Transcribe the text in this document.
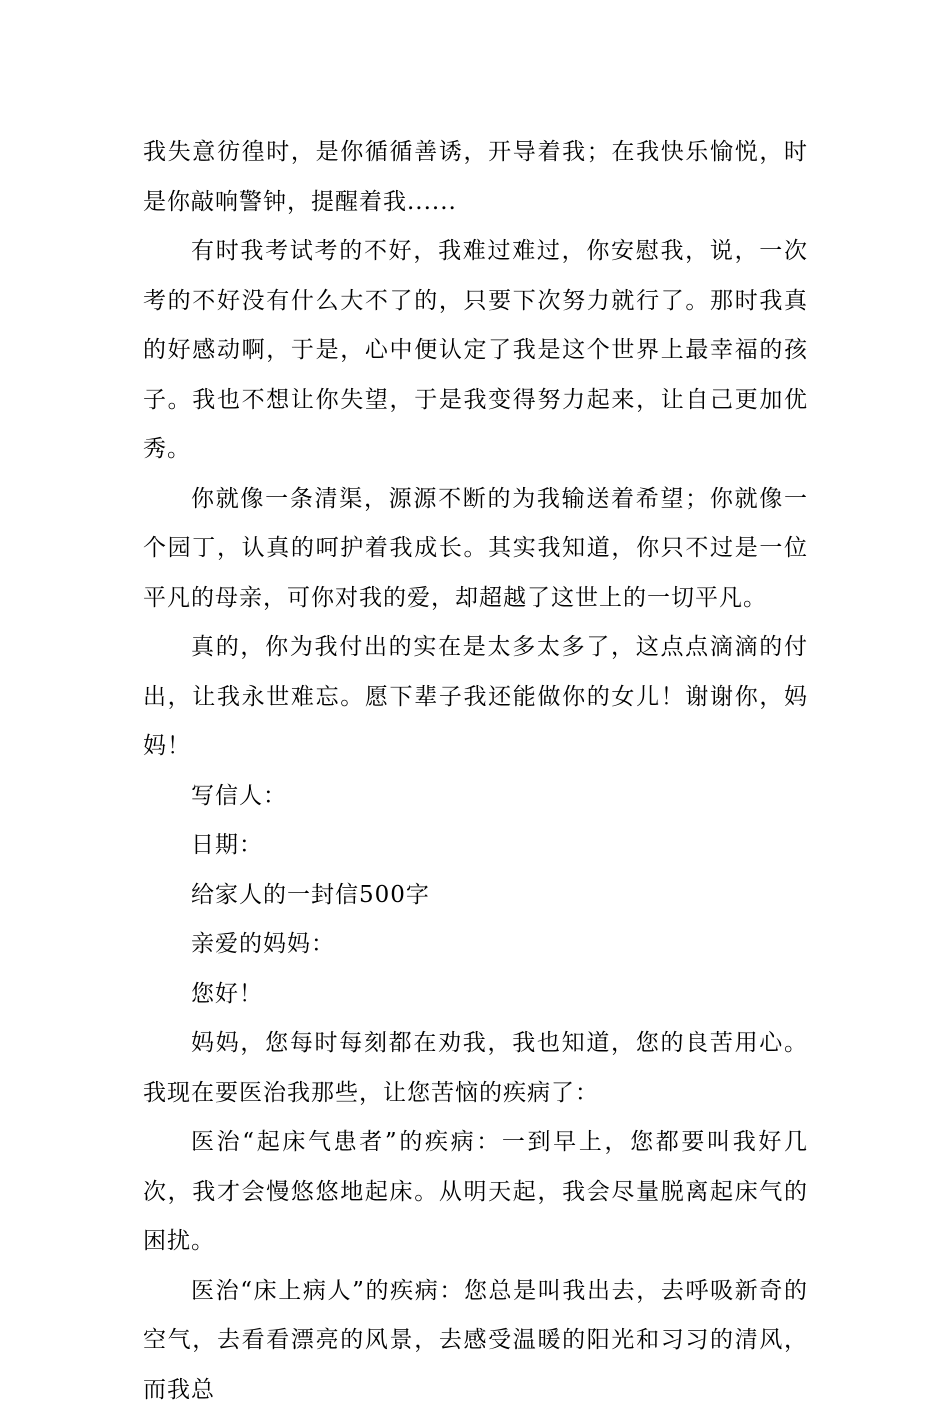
我失意彷徨时，是你循循善诱，开导着我；在我快乐愉悦，时是你敲响警钟，提醒着我......

有时我考试考的不好，我难过难过，你安慰我，说，一次考的不好没有什么大不了的，只要下次努力就行了。那时我真的好感动啊，于是，心中便认定了我是这个世界上最幸福的孩子。我也不想让你失望，于是我变得努力起来，让自己更加优秀。

你就像一条清渠，源源不断的为我输送着希望；你就像一个园丁，认真的呵护着我成长。其实我知道，你只不过是一位平凡的母亲，可你对我的爱，却超越了这世上的一切平凡。

真的，你为我付出的实在是太多太多了，这点点滴滴的付出，让我永世难忘。愿下辈子我还能做你的女儿！谢谢你，妈妈！

写信人：

日期：

给家人的一封信500字

亲爱的妈妈：

您好！

妈妈，您每时每刻都在劝我，我也知道，您的良苦用心。我现在要医治我那些，让您苦恼的疾病了：

医治“起床气患者”的疾病：一到早上，您都要叫我好几次，我才会慢悠悠地起床。从明天起，我会尽量脱离起床气的困扰。

医治“床上病人”的疾病：您总是叫我出去，去呼吸新奇的空气，去看看漂亮的风景，去感受温暖的阳光和习习的清风，而我总
